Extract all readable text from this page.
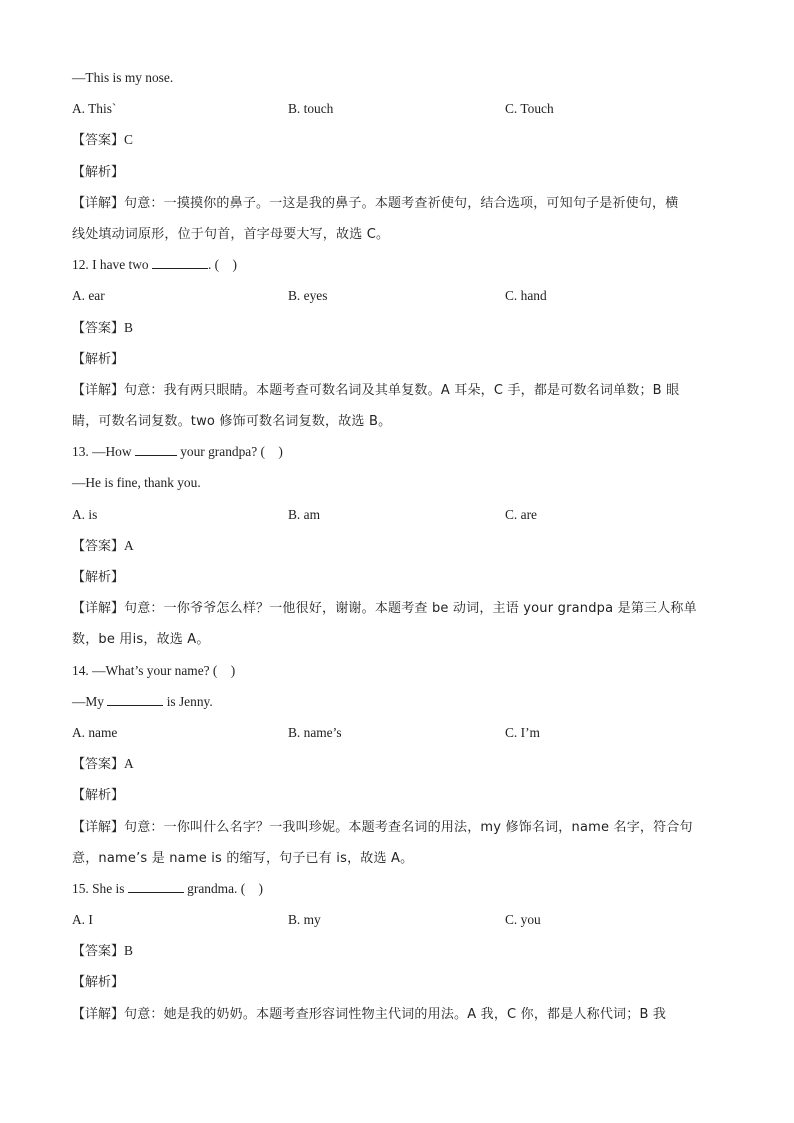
—This is my nose.
A. This`	B. touch	C. Touch
【答案】C
【解析】
【详解】句意：一摸摸你的鼻子。一这是我的鼻子。本题考查祈使句，结合选项，可知句子是祈使句，横
线处填动词原形，位于句首，首字母要大写，故选 C。
12. I have two	. (　)
A. ear	B. eyes	C. hand
【答案】B
【解析】
【详解】句意：我有两只眼睛。本题考查可数名词及其单复数。A 耳朵，C 手，都是可数名词单数；B 眼
睛，可数名词复数。two 修饰可数名词复数，故选 B。
13. —How	your grandpa? (　)
—He is fine, thank you.
A. is	B. am	C. are
【答案】A
【解析】
【详解】句意：一你爷爷怎么样？一他很好，谢谢。本题考查 be 动词，主语 your grandpa 是第三人称单
数，be 用is，故选 A。
14. —What’s your name? (　)
—My	is Jenny.
A. name	B. name’s	C. I’m
【答案】A
【解析】
【详解】句意：一你叫什么名字？一我叫珍妮。本题考查名词的用法，my 修饰名词，name 名字，符合句
意，name’s 是 name is 的缩写，句子已有 is，故选 A。
15. She is	grandma. (　)
A. I	B. my	C. you
【答案】B
【解析】
【详解】句意：她是我的奶奶。本题考查形容词性物主代词的用法。A 我，C 你，都是人称代词；B 我
